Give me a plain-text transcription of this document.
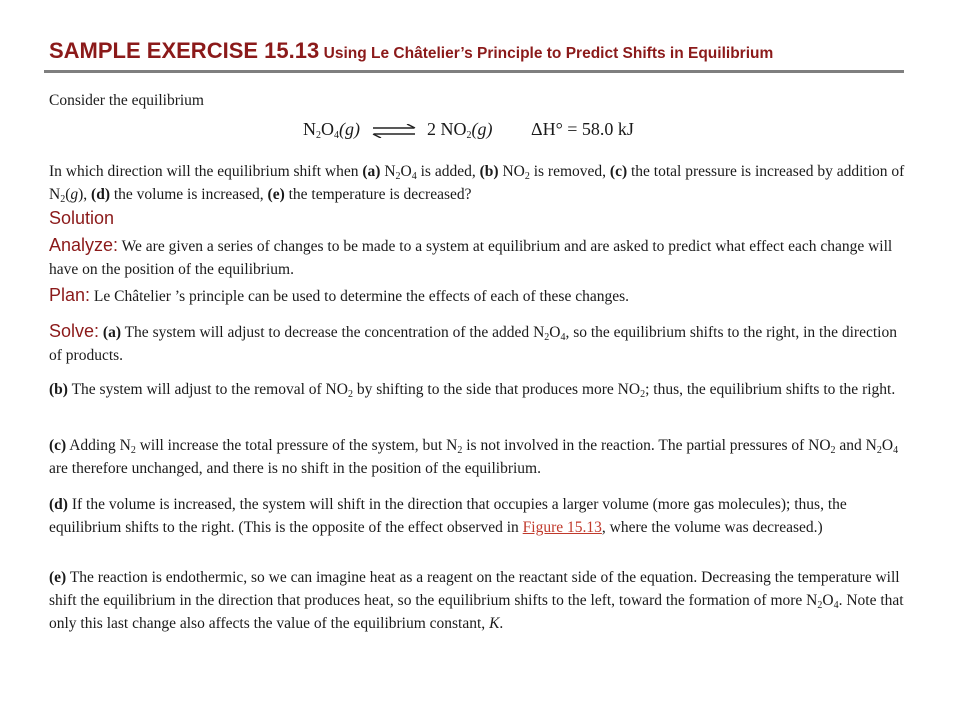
SAMPLE EXERCISE 15.13 Using Le Châtelier’s Principle to Predict Shifts in Equilibrium
Consider the equilibrium
$N_2O_4(g)$ ⇌ 2 $NO_2(g) \Delta H^\circ = 58.0$ kJ
In which direction will the equilibrium shift when (a) $N_2O_4$ is added, (b) $NO_2$ is removed, (c) the total pressure is increased by addition of $N_2(g)$, (d) the volume is increased, (e) the temperature is decreased?
Solution
Analyze: We are given a series of changes to be made to a system at equilibrium and are asked to predict what effect each change will have on the position of the equilibrium.
Plan: Le Châtelier ’s principle can be used to determine the effects of each of these changes.
Solve: (a) The system will adjust to decrease the concentration of the added $N_2O_4$, so the equilibrium shifts to the right, in the direction of products.
(b) The system will adjust to the removal of $NO_2$ by shifting to the side that produces more $NO_2$; thus, the equilibrium shifts to the right.
(c) Adding $N_2$ will increase the total pressure of the system, but $N_2$ is not involved in the reaction. The partial pressures of $NO_2$ and $N_2O_4$ are therefore unchanged, and there is no shift in the position of the equilibrium.
(d) If the volume is increased, the system will shift in the direction that occupies a larger volume (more gas molecules); thus, the equilibrium shifts to the right. (This is the opposite of the effect observed in Figure 15.13, where the volume was decreased.)
(e) The reaction is endothermic, so we can imagine heat as a reagent on the reactant side of the equation. Decreasing the temperature will shift the equilibrium in the direction that produces heat, so the equilibrium shifts to the left, toward the formation of more $N_2O_4$. Note that only this last change also affects the value of the equilibrium constant, K.
